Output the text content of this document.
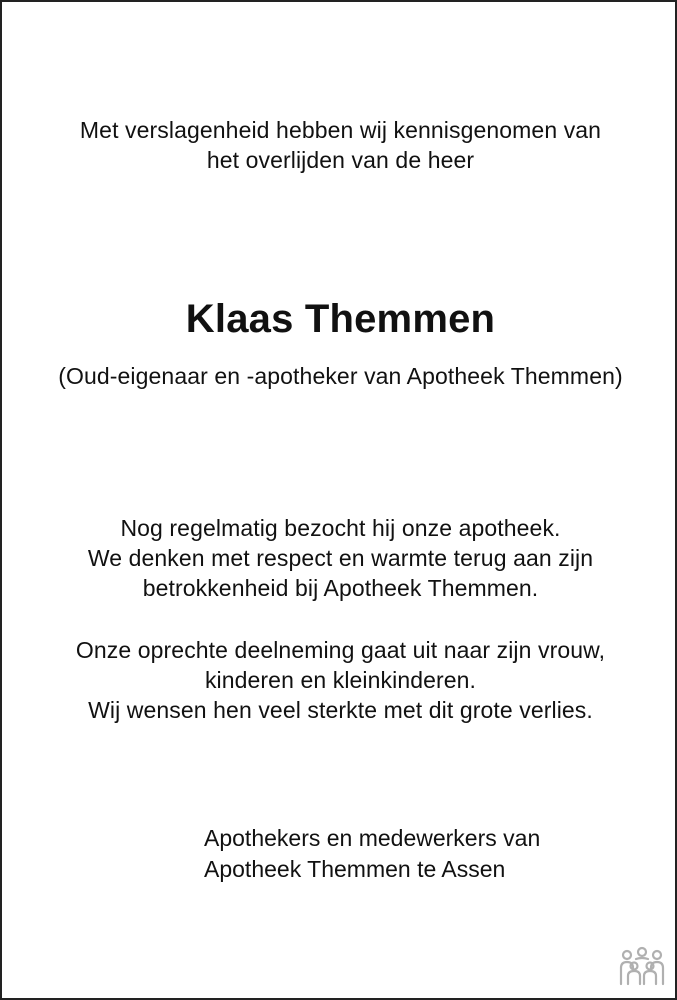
Met verslagenheid hebben wij kennisgenomen van
het overlijden van de heer
Klaas Themmen
(Oud-eigenaar en -apotheker van Apotheek Themmen)
Nog regelmatig bezocht hij onze apotheek.
We denken met respect en warmte terug aan zijn
betrokkenheid bij Apotheek Themmen.
Onze oprechte deelneming gaat uit naar zijn vrouw,
kinderen en kleinkinderen.
Wij wensen hen veel sterkte met dit grote verlies.
Apothekers en medewerkers van
Apotheek Themmen te Assen
